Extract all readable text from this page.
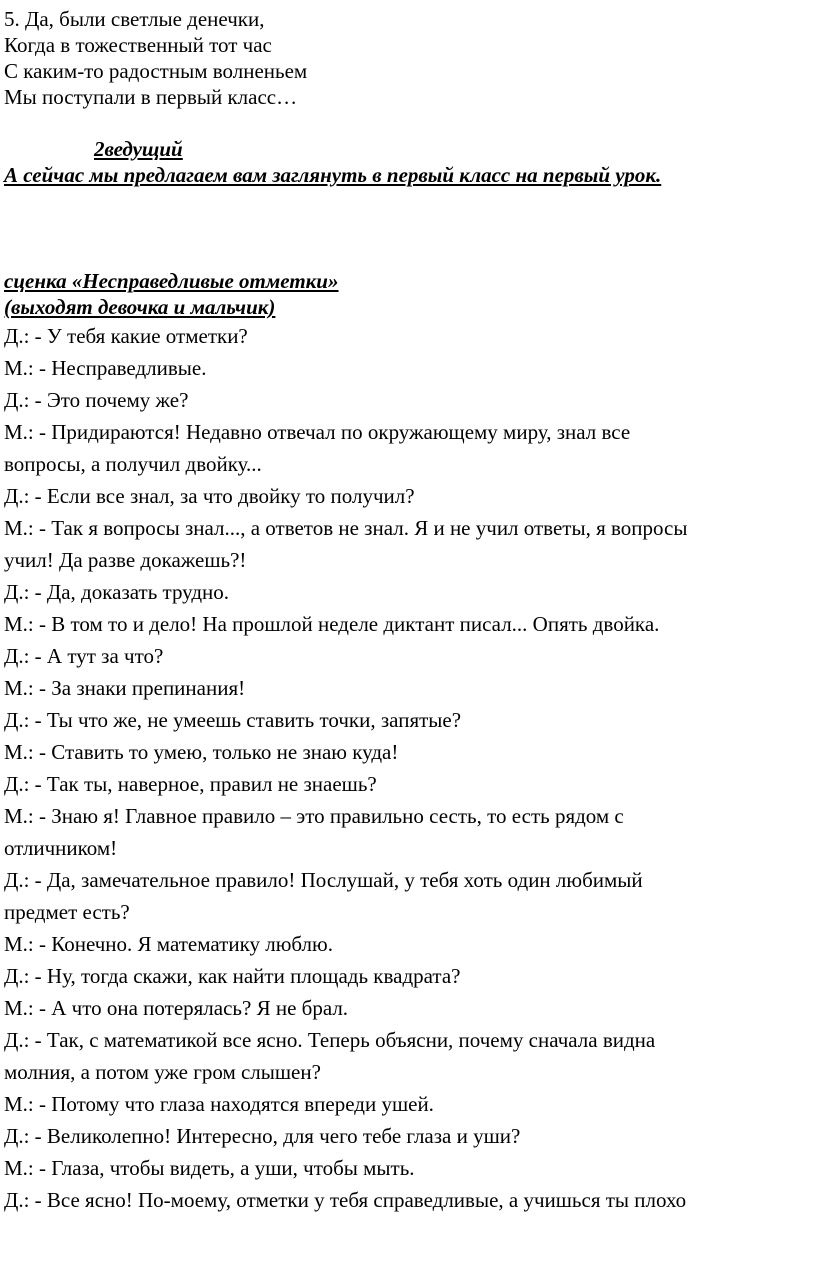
5. Да, были светлые денечки,
Когда в тожественный тот час
С каким-то радостным волненьем
Мы поступали в первый класс…
2ведущий
А сейчас мы предлагаем вам заглянуть в первый класс на первый урок.
сценка «Несправедливые отметки»
(выходят девочка и мальчик)
Д.: - У тебя какие отметки?
М.: - Несправедливые.
Д.: - Это почему же?
М.: - Придираются! Недавно отвечал по окружающему миру, знал все
вопросы, а получил двойку...
Д.: - Если все знал, за что двойку то получил?
М.: - Так я вопросы знал..., а ответов не знал. Я и не учил ответы, я вопросы
учил! Да разве докажешь?!
Д.: - Да, доказать трудно.
М.: - В том то и дело! На прошлой неделе диктант писал... Опять двойка.
Д.: - А тут за что?
М.: - За знаки препинания!
Д.: - Ты что же, не умеешь ставить точки, запятые?
М.: - Ставить то умею, только не знаю куда!
Д.: - Так ты, наверное, правил не знаешь?
М.: - Знаю я! Главное правило – это правильно сесть, то есть рядом с
отличником!
Д.: - Да, замечательное правило! Послушай, у тебя хоть один любимый
предмет есть?
М.: - Конечно. Я математику люблю.
Д.: - Ну, тогда скажи, как найти площадь квадрата?
М.: - А что она потерялась? Я не брал.
Д.: - Так, с математикой все ясно. Теперь объясни, почему сначала видна
молния, а потом уже гром слышен?
М.: - Потому что глаза находятся впереди ушей.
Д.: - Великолепно! Интересно, для чего тебе глаза и уши?
М.: - Глаза, чтобы видеть, а уши, чтобы мыть.
Д.: - Все ясно! По-моему, отметки у тебя справедливые, а учишься ты плохо
